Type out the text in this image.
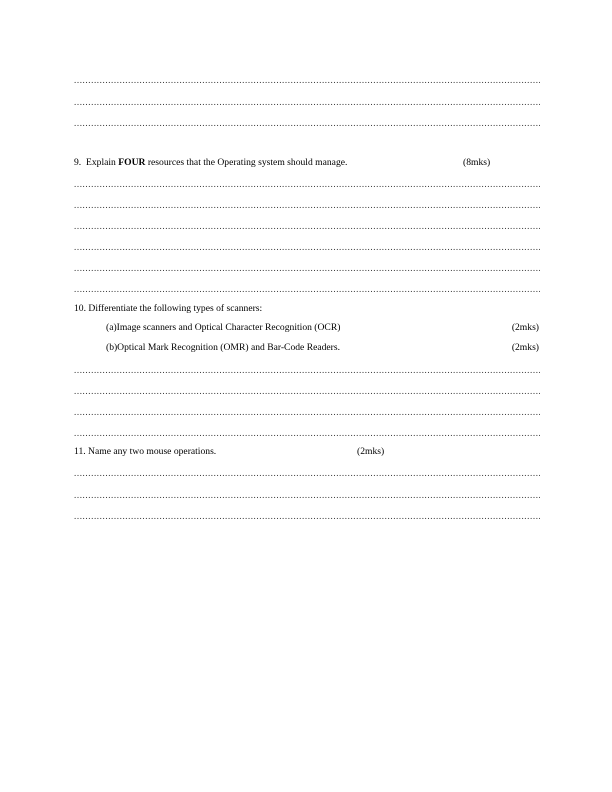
.....
.....
.....
9. Explain FOUR resources that the Operating system should manage.	(8mks)
.....
.....
.....
.....
.....
.....
10. Differentiate the following types of scanners:
(a)Image scanners and Optical Character Recognition (OCR)	(2mks)
(b)Optical Mark Recognition (OMR) and Bar-Code Readers.	(2mks)
.....
.....
.....
.....
11. Name any two mouse operations.	(2mks)
.....
.....
.....
